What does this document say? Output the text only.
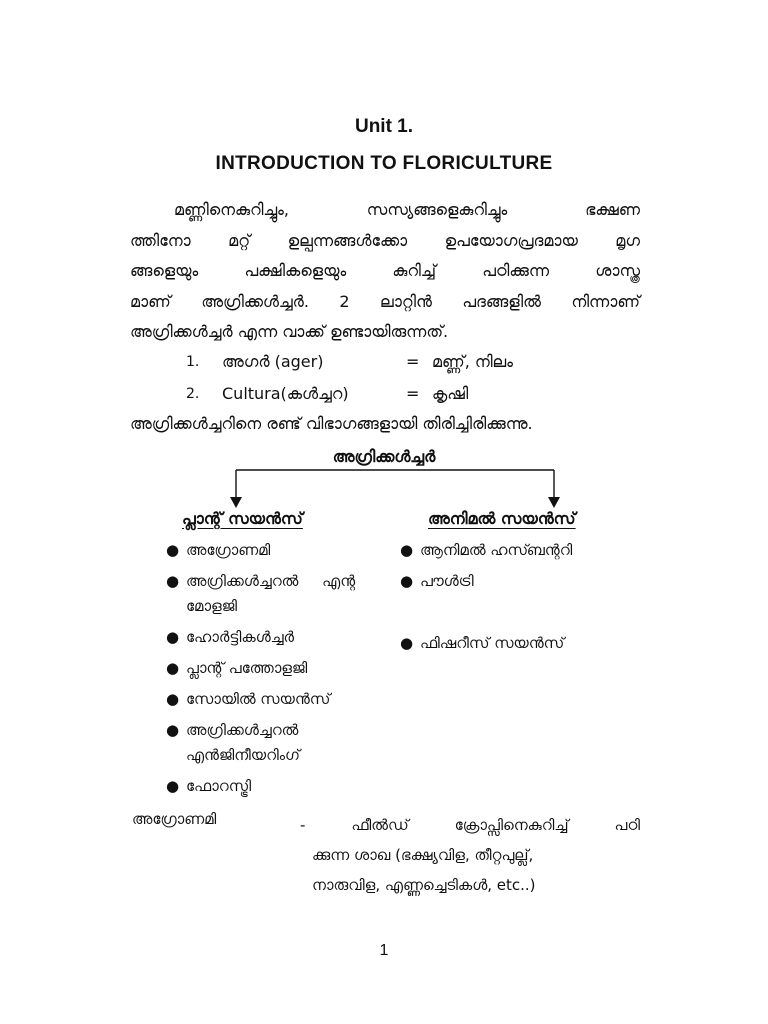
Unit 1.
INTRODUCTION TO FLORICULTURE
മണ്ണിനെകുറിച്ചും, സസ്യങ്ങളെകുറിച്ചും ഭക്ഷണ
ത്തിനോ മറ്റ് ഉല്പന്നങ്ങൾക്കോ ഉപയോഗപ്രദമായ മൃഗ
ങ്ങളെയും പക്ഷികളെയും കുറിച്ച് പഠിക്കുന്ന ശാസ്ത്ര
മാണ് അഗ്രിക്കൾച്ചർ. 2 ലാറ്റിൻ പദങ്ങളിൽ നിന്നാണ്
അഗ്രിക്കൾച്ചർ എന്ന വാക്ക് ഉണ്ടായിരുന്നത്.
1. അഗർ (ager)	= മണ്ണ്, നിലം
2. Cultura(കൾച്ചറ)	= കൃഷി
അഗ്രിക്കൾച്ചറിനെ രണ്ട് വിഭാഗങ്ങളായി തിരിച്ചിരിക്കുന്നു.
അഗ്രിക്കൾച്ചർ
പ്ലാന്റ് സയൻസ്	അനിമൽ സയൻസ്
● അഗ്രോണമി
● അഗ്രിക്കൾച്ചറൽ     എന്റ
മോളജി
● ഹോർട്ടികൾച്ചർ
● പ്ലാന്റ് പത്തോളജി
● സോയിൽ സയൻസ്
● അഗ്രിക്കൾച്ചറൽ
എൻജിനീയറിംഗ്
● ഫോറസ്ട്രി
● ആനിമൽ ഹസ്ബന്ററി
● പൗൾട്രി
● ഫിഷറീസ് സയൻസ്
അഗ്രോണമി	- ഫീൽഡ് ക്രോപ്സിനെകുറിച്ച് പഠി
ക്കുന്ന ശാഖ (ഭക്ഷ്യവിള, തീറ്റപുല്ല്,
നാരുവിള, എണ്ണച്ചെടികൾ, etc..)
1
